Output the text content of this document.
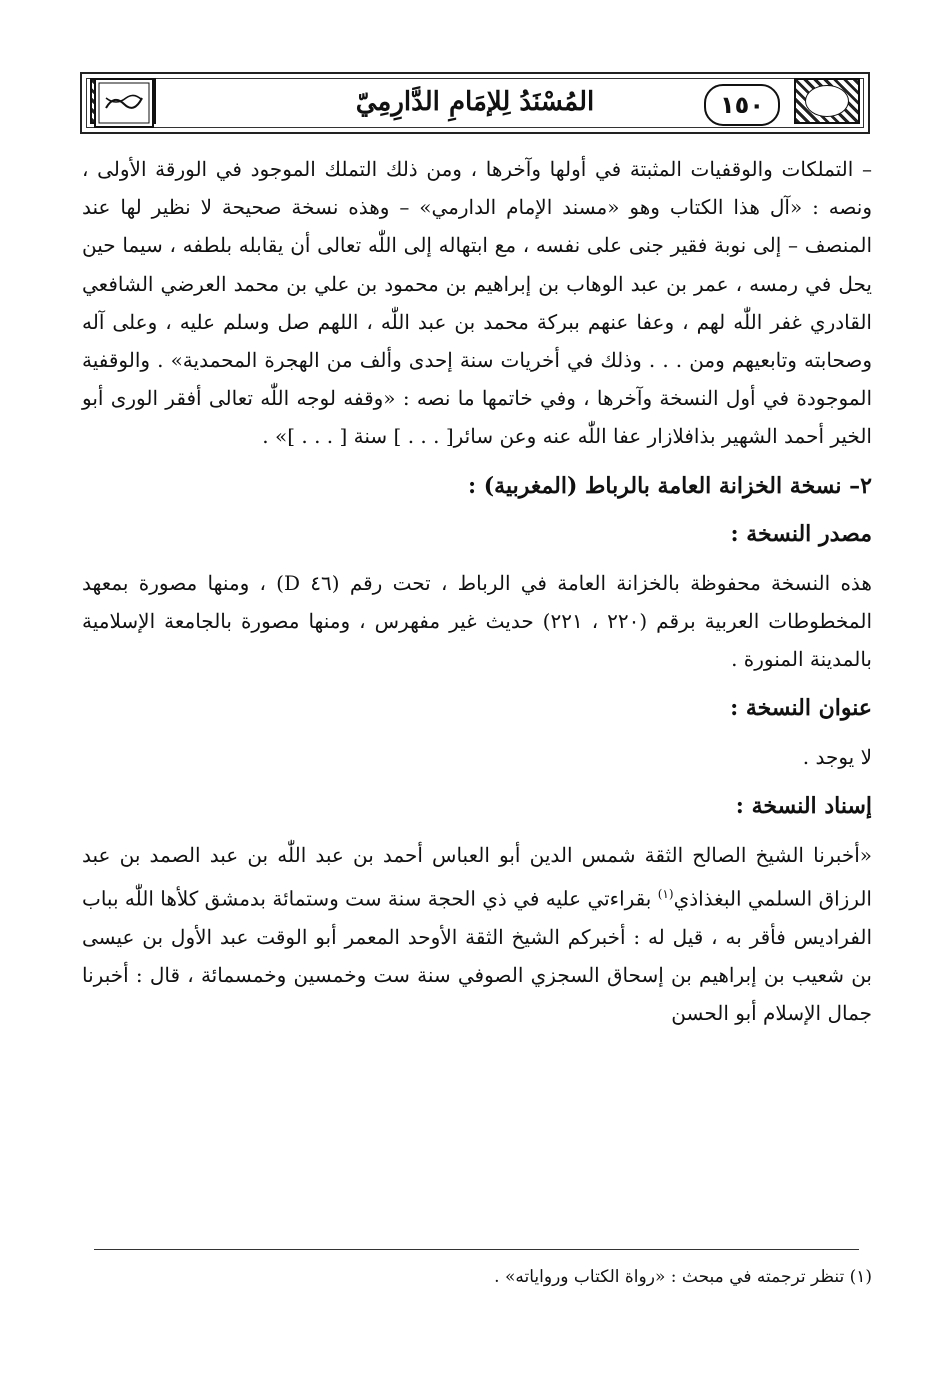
المُسْنَدُ لِلإمَامِ الدَّارِمِيّ	١٥٠

– التملكات والوقفيات المثبتة في أولها وآخرها ، ومن ذلك التملك الموجود في الورقة الأولى ، ونصه : «آل هذا الكتاب وهو «مسند الإمام الدارمي» – وهذه نسخة صحيحة لا نظير لها عند المنصف – إلى نوبة فقير جنى على نفسه ، مع ابتهاله إلى اللّٰه تعالى أن يقابله بلطفه ، سيما حين يحل في رمسه ، عمر بن عبد الوهاب بن إبراهيم بن محمود بن علي بن محمد العرضي الشافعي القادري غفر اللّٰه لهم ، وعفا عنهم ببركة محمد بن عبد اللّٰه ، اللهم صل وسلم عليه ، وعلى آله وصحابته وتابعيهم ومن . . . وذلك في أخريات سنة إحدى وألف من الهجرة المحمدية» . والوقفية الموجودة في أول النسخة وآخرها ، وفي خاتمها ما نصه : «وقفه لوجه اللّٰه تعالى أفقر الورى أبو الخير أحمد الشهير بذافلازار عفا اللّٰه عنه وعن سائر[ . . . ] سنة [ . . . ]» .

٢– نسخة الخزانة العامة بالرباط (المغربية) :

مصدر النسخة :

هذه النسخة محفوظة بالخزانة العامة في الرباط ، تحت رقم (٤٦ D) ، ومنها مصورة بمعهد المخطوطات العربية برقم (٢٢٠ ، ٢٢١) حديث غير مفهرس ، ومنها مصورة بالجامعة الإسلامية بالمدينة المنورة .

عنوان النسخة :

لا يوجد .

إسناد النسخة :

«أخبرنا الشيخ الصالح الثقة شمس الدين أبو العباس أحمد بن عبد اللّٰه بن عبد الصمد بن عبد الرزاق السلمي البغذاذي$^{(١)}$ بقراءتي عليه في ذي الحجة سنة ست وستمائة بدمشق كلأها اللّٰه بباب الفراديس فأقر به ، قيل له : أخبركم الشيخ الثقة الأوحد المعمر أبو الوقت عبد الأول بن عيسى بن شعيب بن إبراهيم بن إسحاق السجزي الصوفي سنة ست وخمسين وخمسمائة ، قال : أخبرنا جمال الإسلام أبو الحسن

(١) تنظر ترجمته في مبحث : «رواة الكتاب ورواياته» .
